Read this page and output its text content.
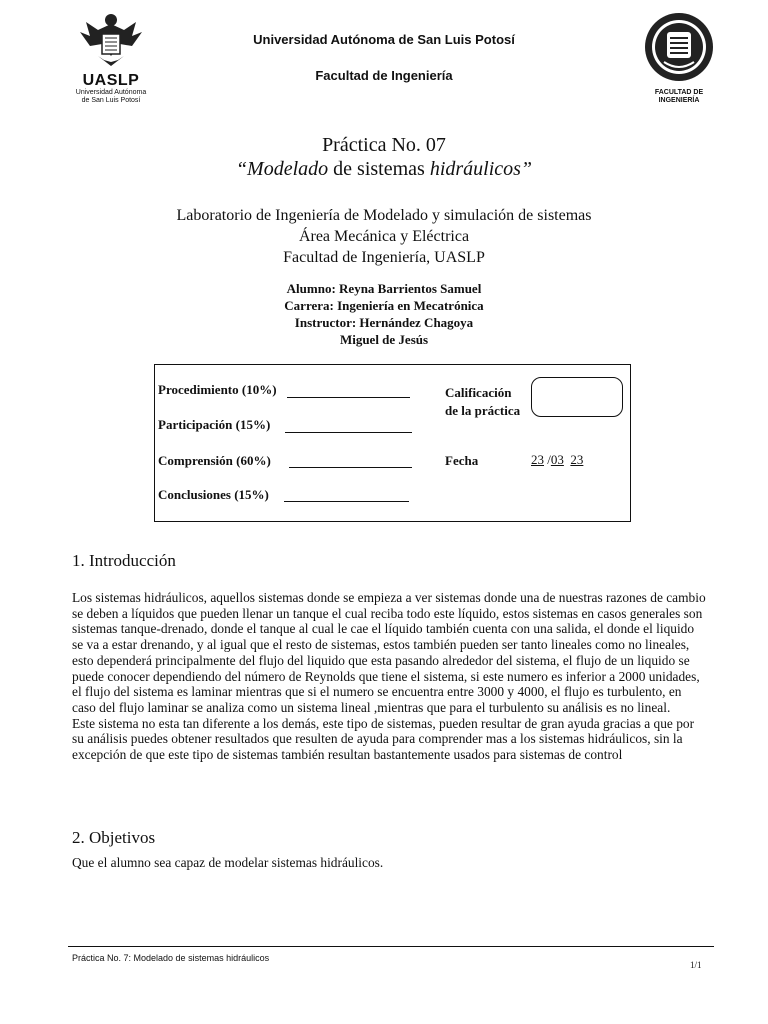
UASLP
Universidad Autónoma
de San Luis Potosí
Universidad Autónoma de San Luis Potosí
Facultad de Ingeniería
FACULTAD DE
INGENIERÍA
Práctica No. 07
“Modelado de sistemas hidráulicos”
Laboratorio de Ingeniería de Modelado y simulación de sistemas
Área Mecánica y Eléctrica
Facultad de Ingeniería, UASLP
Alumno: Reyna Barrientos Samuel
Carrera: Ingeniería en Mecatrónica
Instructor: Hernández Chagoya
Miguel de Jesús
Procedimiento (10%)
Participación (15%)
Comprensión (60%)
Conclusiones (15%)
Calificación
de la práctica
Fecha	23 /03 23
1. Introducción
Los sistemas hidráulicos, aquellos sistemas donde se empieza a ver sistemas donde una de nuestras razones de cambio
se deben a líquidos que pueden llenar un tanque el cual reciba todo este líquido, estos sistemas en casos generales son
sistemas tanque-drenado, donde el tanque al cual le cae el líquido también cuenta con una salida, el donde el liquido
se va a estar drenando, y al igual que el resto de sistemas, estos también pueden ser tanto lineales como no lineales,
esto dependerá principalmente del flujo del liquido que esta pasando alrededor del sistema, el flujo de un liquido se
puede conocer dependiendo del número de Reynolds que tiene el sistema, si este numero es inferior a 2000 unidades,
el flujo del sistema es laminar mientras que si el numero se encuentra entre 3000 y 4000, el flujo es turbulento, en
caso del flujo laminar se analiza como un sistema lineal ,mientras que para el turbulento su análisis es no lineal.
Este sistema no esta tan diferente a los demás, este tipo de sistemas, pueden resultar de gran ayuda gracias a que por
su análisis puedes obtener resultados que resulten de ayuda para comprender mas a los sistemas hidráulicos, sin la
excepción de que este tipo de sistemas también resultan bastantemente usados para sistemas de control
2. Objetivos
Que el alumno sea capaz de modelar sistemas hidráulicos.
Práctica No. 7: Modelado de sistemas hidráulicos
1/1
